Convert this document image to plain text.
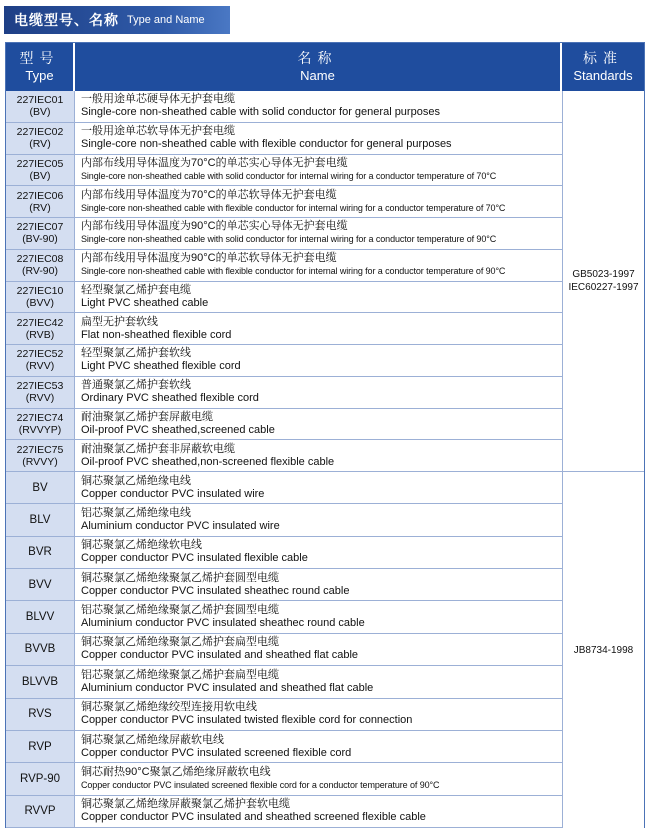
电缆型号、名称 Type and Name
型号
Type
名称
Name
标准
Standards
GB5023-1997
IEC60227-1997
JB8734-1998
227IEC01
(BV)
一般用途单芯硬导体无护套电缆
Single-core non-sheathed cable with solid conductor for general purposes
227IEC02
(RV)
一般用途单芯软导体无护套电缆
Single-core non-sheathed cable with flexible conductor for general purposes
227IEC05
(BV)
内部布线用导体温度为70°C的单芯实心导体无护套电缆
Single-core non-sheathed cable with solid conductor for internal wiring for a conductor temperature of 70°C
227IEC06
(RV)
内部布线用导体温度为70°C的单芯软导体无护套电缆
Single-core non-sheathed cable with flexible conductor for internal wiring for a conductor temperature of 70°C
227IEC07
(BV-90)
内部布线用导体温度为90°C的单芯实心导体无护套电缆
Single-core non-sheathed cable with solid conductor for internal wiring for a conductor temperature of 90°C
227IEC08
(RV-90)
内部布线用导体温度为90°C的单芯软导体无护套电缆
Single-core non-sheathed cable with flexible conductor for internal wiring for a conductor temperature of 90°C
227IEC10
(BVV)
轻型聚氯乙烯护套电缆
Light PVC sheathed cable
227IEC42
(RVB)
扁型无护套软线
Flat non-sheathed flexible cord
227IEC52
(RVV)
轻型聚氯乙烯护套软线
Light PVC sheathed flexible cord
227IEC53
(RVV)
普通聚氯乙烯护套软线
Ordinary PVC sheathed flexible cord
227IEC74
(RVVYP)
耐油聚氯乙烯护套屏蔽电缆
Oil-proof PVC sheathed,screened cable
227IEC75
(RVVY)
耐油聚氯乙烯护套非屏蔽软电缆
Oil-proof PVC sheathed,non-screened flexible cable
BV
铜芯聚氯乙烯绝缘电线
Copper conductor PVC insulated wire
BLV
铝芯聚氯乙烯绝缘电线
Aluminium conductor PVC insulated wire
BVR
铜芯聚氯乙烯绝缘软电线
Copper conductor PVC insulated flexible cable
BVV
铜芯聚氯乙烯绝缘聚氯乙烯护套圆型电缆
Copper conductor PVC insulated sheathec round cable
BLVV
铝芯聚氯乙烯绝缘聚氯乙烯护套圆型电缆
Aluminium conductor PVC insulated sheathec round cable
BVVB
铜芯聚氯乙烯绝缘聚氯乙烯护套扁型电缆
Copper conductor PVC insulated and sheathed flat cable
BLVVB
铝芯聚氯乙烯绝缘聚氯乙烯护套扁型电缆
Aluminium conductor PVC insulated and sheathed flat cable
RVS
铜芯聚氯乙烯绝缘绞型连接用软电线
Copper conductor PVC insulated twisted flexible cord for connection
RVP
铜芯聚氯乙烯绝缘屏蔽软电线
Copper conductor PVC insulated screened flexible cord
RVP-90
铜芯耐热90°C聚氯乙烯绝缘屏蔽软电线
Copper conductor PVC insulated screened flexible cord for a conductor temperature of 90°C
RVVP
铜芯聚氯乙烯绝缘屏蔽聚氯乙烯护套软电缆
Copper conductor PVC insulated and sheathed screened flexible cable
